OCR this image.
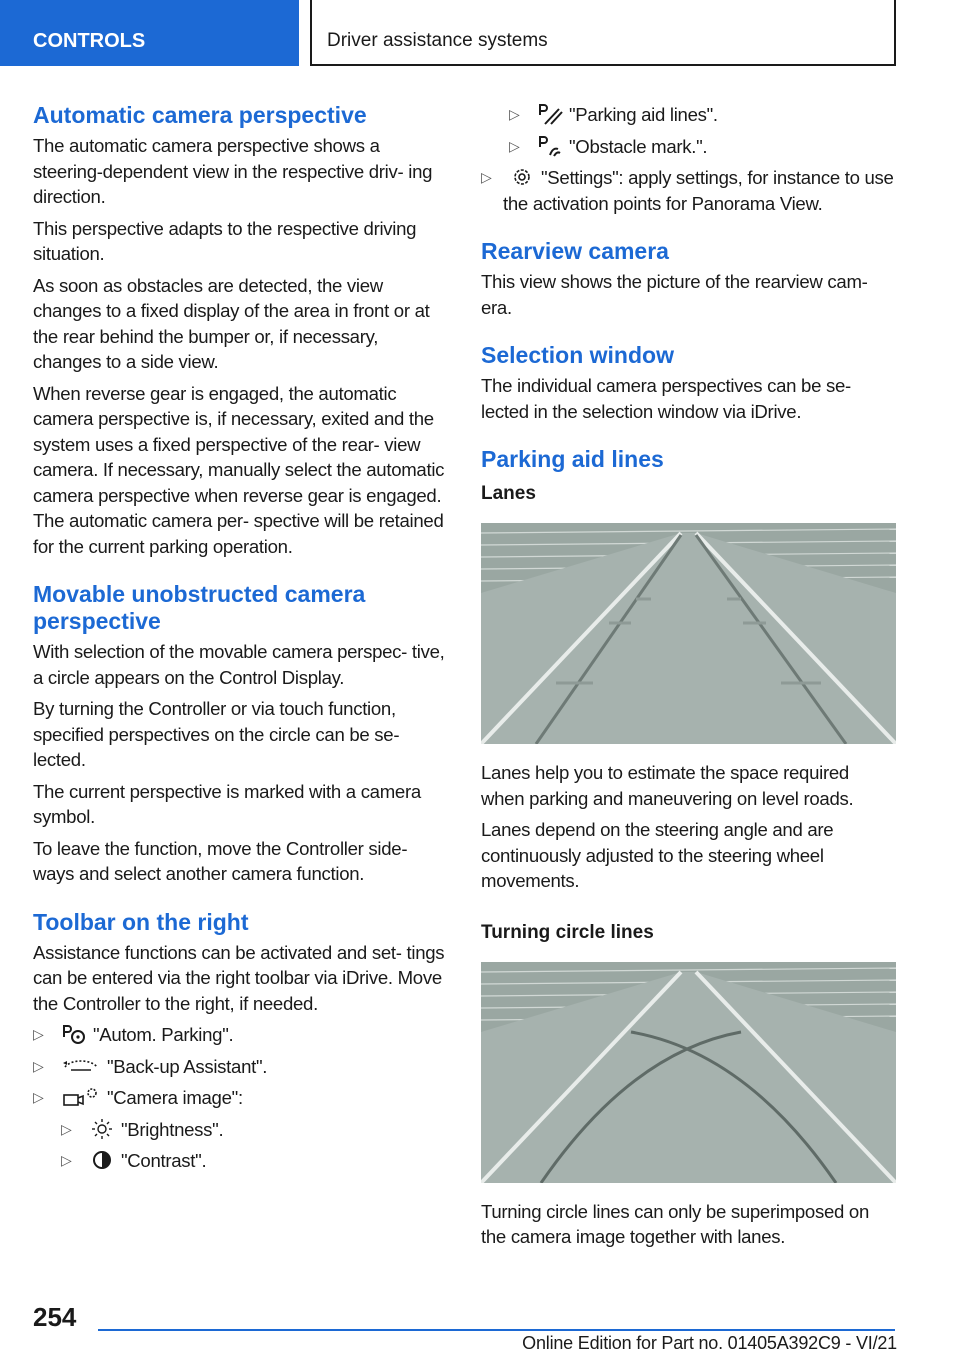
CONTROLS	Driver assistance systems
Automatic camera perspective

The automatic camera perspective shows a steering-dependent view in the respective driv‐ ing direction.

This perspective adapts to the respective driving situation.

As soon as obstacles are detected, the view changes to a fixed display of the area in front or at the rear behind the bumper or, if necessary, changes to a side view.

When reverse gear is engaged, the automatic camera perspective is, if necessary, exited and the system uses a fixed perspective of the rear‐ view camera. If necessary, manually select the automatic camera perspective when reverse gear is engaged. The automatic camera per‐ spective will be retained for the current parking operation.

Movable unobstructed camera perspective

With selection of the movable camera perspec‐ tive, a circle appears on the Control Display.

By turning the Controller or via touch function, specified perspectives on the circle can be se‐ lected.

The current perspective is marked with a camera symbol.

To leave the function, move the Controller side‐ ways and select another camera function.

Toolbar on the right

Assistance functions can be activated and set‐ tings can be entered via the right toolbar via iDrive. Move the Controller to the right, if needed.

▷	"Autom. Parking".
▷	"Back-up Assistant".
▷	"Camera image":
▷	"Brightness".
▷	"Contrast".
▷	"Parking aid lines".
▷	"Obstacle mark.".
▷	"Settings": apply settings, for instance to use the activation points for Panorama View.
Rearview camera

This view shows the picture of the rearview cam‐ era.

Selection window

The individual camera perspectives can be se‐ lected in the selection window via iDrive.

Parking aid lines
Lanes

Lanes help you to estimate the space required when parking and maneuvering on level roads.

Lanes depend on the steering angle and are continuously adjusted to the steering wheel movements.

Turning circle lines

Turning circle lines can only be superimposed on the camera image together with lanes.

254
Online Edition for Part no. 01405A392C9 - VI/21
